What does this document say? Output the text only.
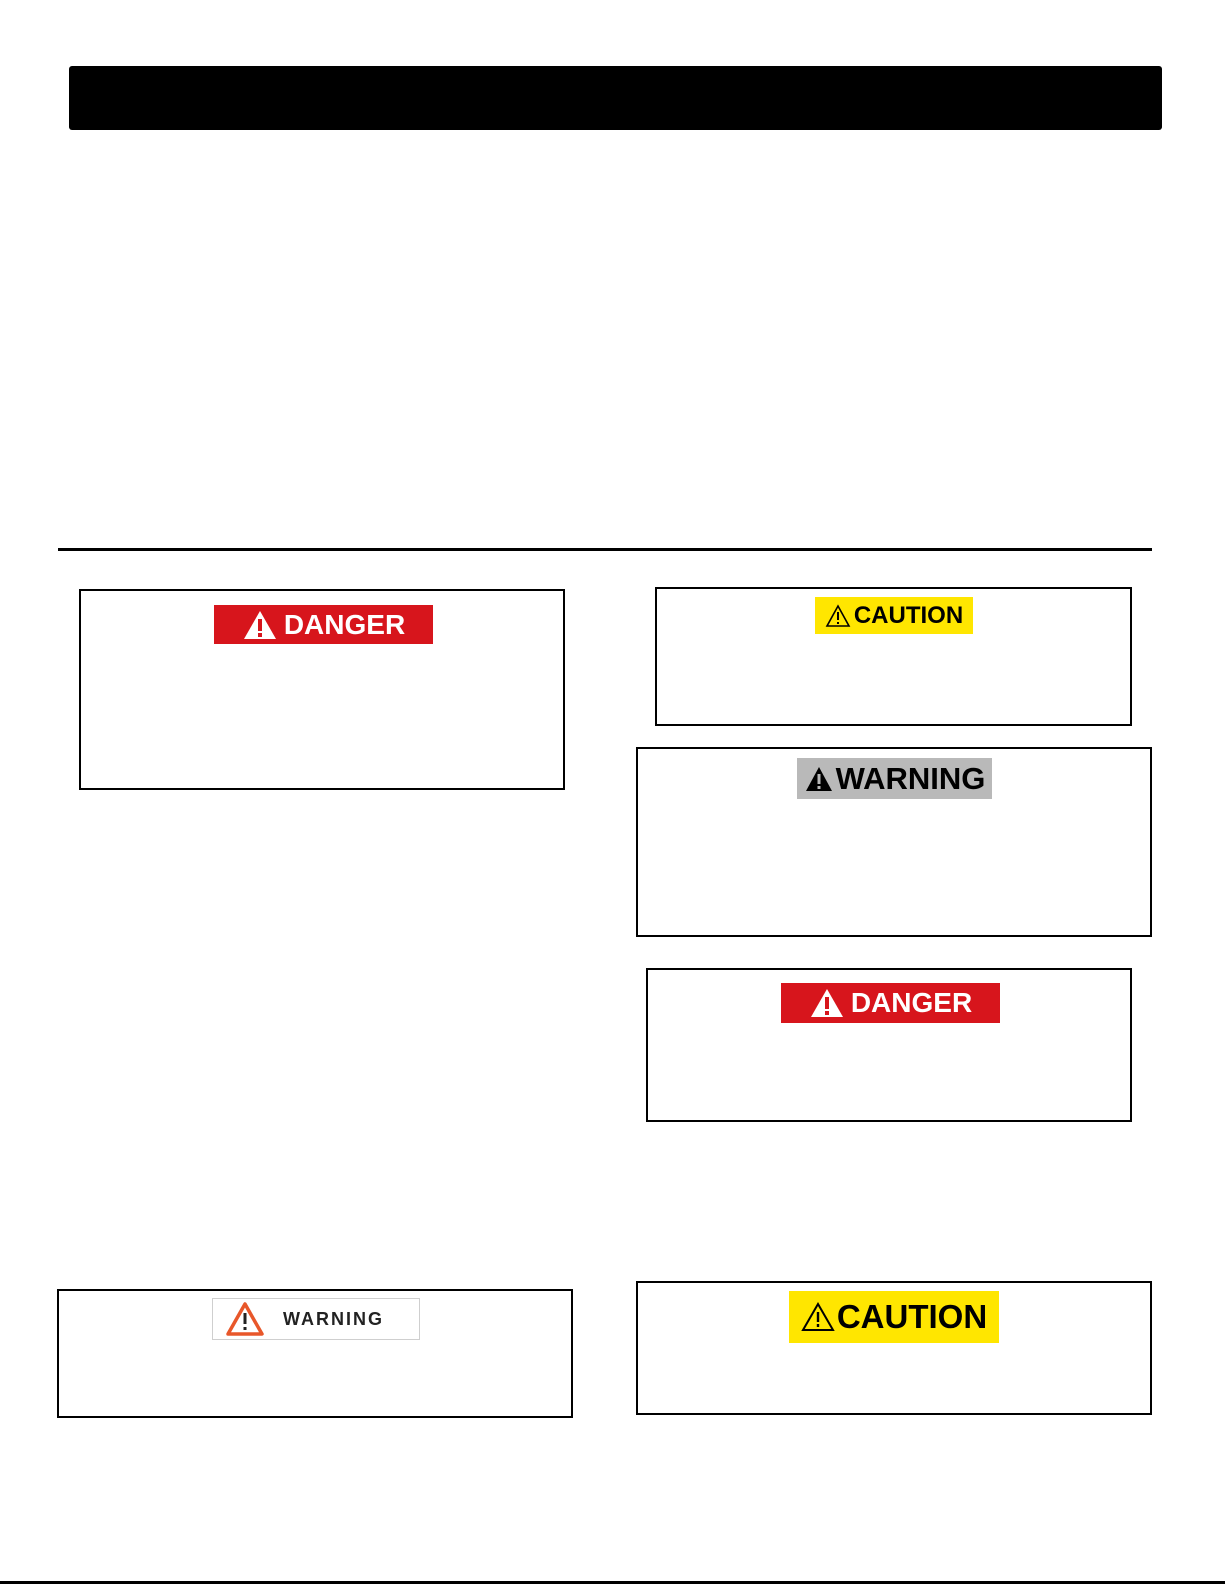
DANGER	CAUTION
WARNING
DANGER
WARNING	CAUTION
